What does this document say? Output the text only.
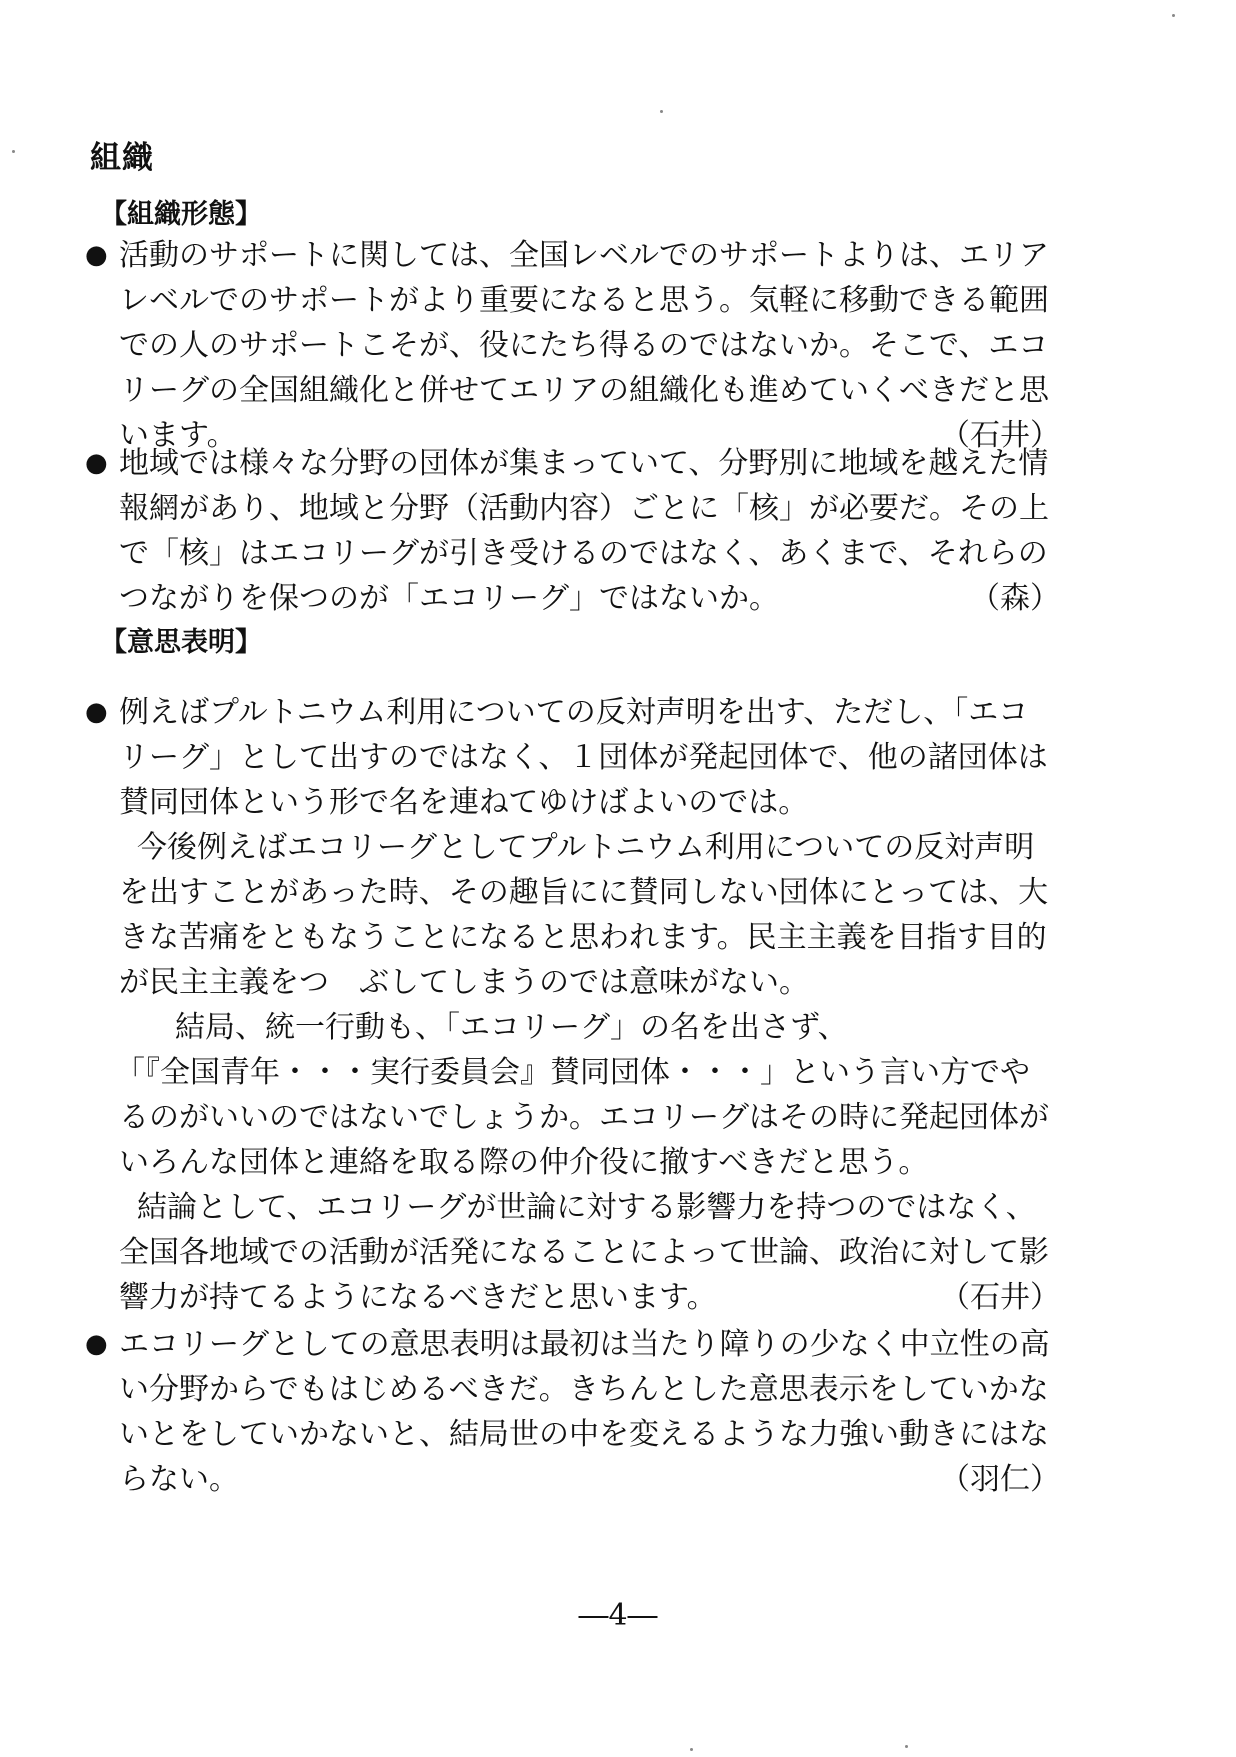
組織
【組織形態】
● 活動のサポートに関しては、全国レベルでのサポートよりは、エリア
レベルでのサポートがより重要になると思う。気軽に移動できる範囲
での人のサポートこそが、役にたち得るのではないか。そこで、エコ
リーグの全国組織化と併せてエリアの組織化も進めていくべきだと思
います。	（石井）
● 地域では様々な分野の団体が集まっていて、分野別に地域を越えた情
報網があり、地域と分野（活動内容）ごとに「核」が必要だ。その上
で「核」はエコリーグが引き受けるのではなく、あくまで、それらの
つながりを保つのが「エコリーグ」ではないか。	（森）
【意思表明】
● 例えばプルトニウム利用についての反対声明を出す、ただし、「エコ
リーグ」として出すのではなく、１団体が発起団体で、他の諸団体は
賛同団体という形で名を連ねてゆけばよいのでは。
今後例えばエコリーグとしてプルトニウム利用についての反対声明
を出すことがあった時、その趣旨にに賛同しない団体にとっては、大
きな苦痛をともなうことになると思われます。民主主義を目指す目的
が民主主義をつ　ぶしてしまうのでは意味がない。
結局、統一行動も、「エコリーグ」の名を出さず、
「『全国青年・・・実行委員会』賛同団体・・・」という言い方でや
るのがいいのではないでしょうか。エコリーグはその時に発起団体が
いろんな団体と連絡を取る際の仲介役に撤すべきだと思う。
結論として、エコリーグが世論に対する影響力を持つのではなく、
全国各地域での活動が活発になることによって世論、政治に対して影
響力が持てるようになるべきだと思います。	（石井）
● エコリーグとしての意思表明は最初は当たり障りの少なく中立性の高
い分野からでもはじめるべきだ。きちんとした意思表示をしていかな
いとをしていかないと、結局世の中を変えるような力強い動きにはな
らない。	（羽仁）
―4―
